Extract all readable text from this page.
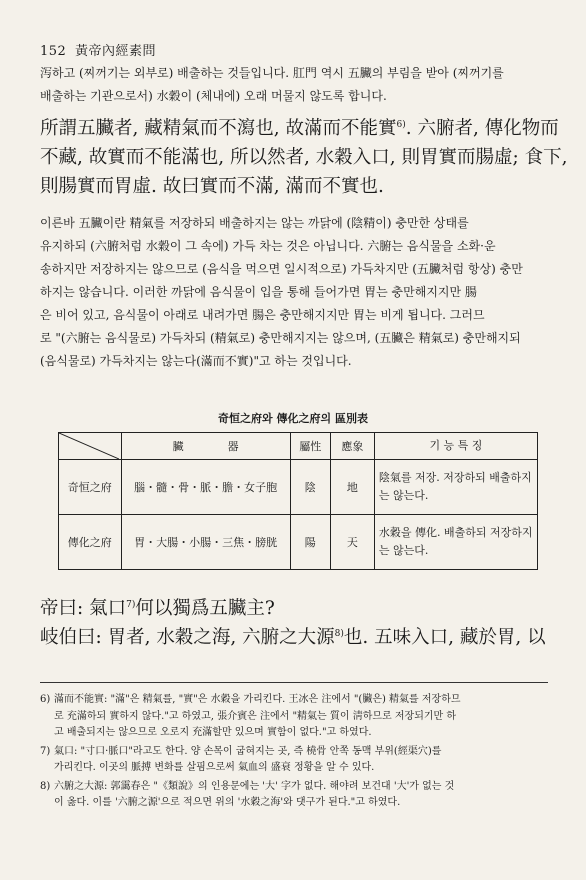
152 黃帝內經素問
泻하고 (찌꺼기는 외부로) 배출하는 것들입니다. 肛門 역시 五臟의 부림을 받아 (찌꺼기를
배출하는 기관으로서) 水穀이 (체내에) 오래 머물지 않도록 합니다.
所謂五臟者, 藏精氣而不瀉也, 故滿而不能實$^{6)}$. 六腑者, 傳化物而
不藏, 故實而不能滿也, 所以然者, 水穀入口, 則胃實而腸虛; 食下,
則腸實而胃虛. 故曰實而不滿, 滿而不實也.
이른바 五臟이란 精氣를 저장하되 배출하지는 않는 까닭에 (陰精이) 충만한 상태를
유지하되 (六腑처럼 水穀이 그 속에) 가득 차는 것은 아닙니다. 六腑는 음식물을 소화·운
송하지만 저장하지는 않으므로 (음식을 먹으면 일시적으로) 가득차지만 (五臟처럼 항상) 충만
하지는 않습니다. 이러한 까닭에 음식물이 입을 통해 들어가면 胃는 충만해지지만 腸
은 비어 있고, 음식물이 아래로 내려가면 腸은 충만해지지만 胃는 비게 됩니다. 그러므
로 "(六腑는 음식물로) 가득차되 (精氣로) 충만해지지는 않으며, (五臟은 精氣로) 충만해지되
(음식물로) 가득차지는 않는다(滿而不實)"고 하는 것입니다.
奇恒之府와 傳化之府의 區別表
	臟　　　　器	屬性	應象	기 능 특 징
奇恒之府	腦・髓・骨・脈・膽・女子胞	陰	地	陰氣를 저장. 저장하되 배출하지는 않는다.
傳化之府	胃・大腸・小腸・三焦・膀胱	陽	天	水穀을 傳化. 배출하되 저장하지는 않는다.
帝曰: 氣口$^{7)}$何以獨爲五臟主?
岐伯曰: 胃者, 水穀之海, 六腑之大源$^{8)}$也. 五味入口, 藏於胃, 以
6) 滿而不能實: "滿"은 精氣를, "實"은 水穀을 가리킨다. 王冰은 注에서 "(臟은) 精氣를 저장하므
로 充滿하되 實하지 않다."고 하였고, 張介賓은 注에서 "精氣는 質이 淸하므로 저장되기만 하
고 배출되지는 않으므로 오로지 充滿할만 있으며 實함이 없다."고 하였다.
7) 氣口: "寸口·脈口"라고도 한다. 양 손목이 굽혀지는 곳, 즉 橈骨 안쪽 동맥 부위(經渠穴)를
가리킨다. 이곳의 脈搏 변화를 살핌으로써 氣血의 盛衰 정황을 알 수 있다.
8) 六腑之大源: 郭靄春은 "《類說》의 인용문에는 '大' 字가 없다. 해야려 보건대 '大'가 없는 것
이 옳다. 이를 '六腑之源'으로 적으면 위의 '水穀之海'와 댓구가 된다."고 하였다.
